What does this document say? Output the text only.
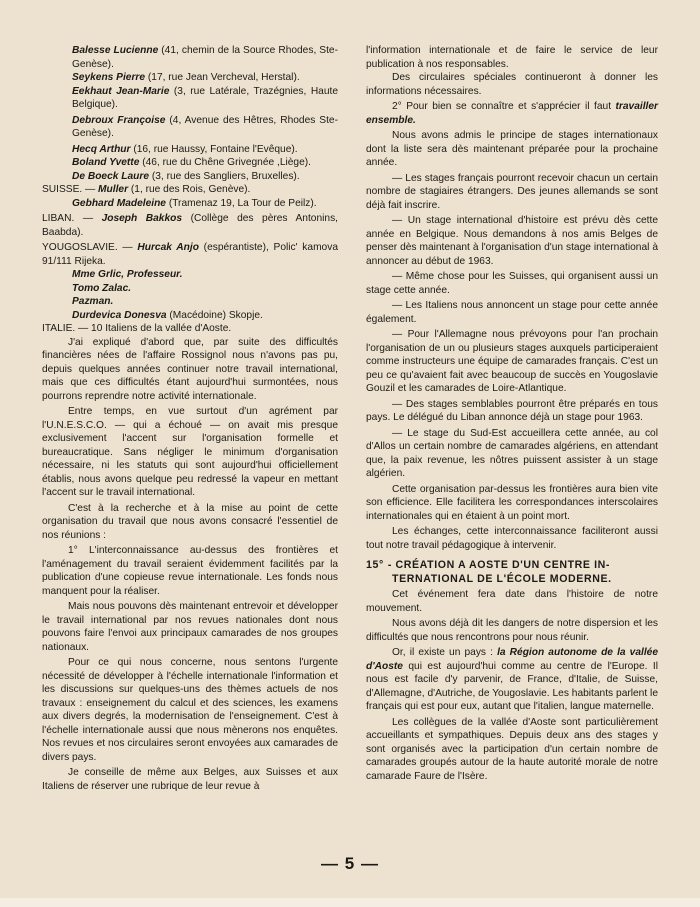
Balesse Lucienne (41, chemin de la Source Rhodes, Ste-Genèse).

Seykens Pierre (17, rue Jean Vercheval, Herstal).

Eekhaut Jean-Marie (3, rue Latérale, Trazégnies, Haute Belgique).

Debroux Françoise (4, Avenue des Hêtres, Rhodes Ste-Genèse).

Hecq Arthur (16, rue Haussy, Fontaine l'Evêque).

Boland Yvette (46, rue du Chêne Grivegnée ,Liège).

De Boeck Laure (3, rue des Sangliers, Bruxelles).

SUISSE. — Muller (1, rue des Rois, Genève).

Gebhard Madeleine (Tramenaz 19, La Tour de Peilz).

LIBAN. — Joseph Bakkos (Collège des pères Antonins, Baabda).

YOUGOSLAVIE. — Hurcak Anjo (espérantiste), Polic' kamova 91/111 Rijeka.

Mme Grlic, Professeur.

Tomo Zalac.

Pazman.

Durdevica Donesva (Macédoine) Skopje.

ITALIE. — 10 Italiens de la vallée d'Aoste.

J'ai expliqué d'abord que, par suite des difficultés financières nées de l'affaire Rossignol nous n'avons pas pu, depuis quelques années continuer notre travail international, mais que ces difficultés étant aujourd'hui surmontées, nous pourrons reprendre notre activité internationale.

Entre temps, en vue surtout d'un agrément par l'U.N.E.S.C.O. — qui a échoué — on avait mis presque exclusivement l'accent sur l'organisation formelle et bureaucratique. Sans négliger le minimum d'organisation nécessaire, ni les statuts qui sont aujourd'hui officiellement établis, nous avons quelque peu redressé la vapeur en mettant l'accent sur le travail international.

C'est à la recherche et à la mise au point de cette organisation du travail que nous avons consacré l'essentiel de nos réunions :

1° L'interconnaissance au-dessus des frontières et l'aménagement du travail seraient évidemment facilités par la publication d'une copieuse revue internationale. Les fonds nous manquent pour la réaliser.

Mais nous pouvons dès maintenant entrevoir et développer le travail international par nos revues nationales dont nous pouvons faire l'envoi aux principaux camarades de nos groupes nationaux.

Pour ce qui nous concerne, nous sentons l'urgente nécessité de développer à l'échelle internationale l'information et les discussions sur quelques-uns des thèmes actuels de nos travaux : enseignement du calcul et des sciences, les examens aux divers degrés, la modernisation de l'enseignement. C'est à l'échelle internationale aussi que nous mènerons nos enquêtes. Nos revues et nos circulaires seront envoyées aux camarades de divers pays.

Je conseille de même aux Belges, aux Suisses et aux Italiens de réserver une rubrique de leur revue à

l'information internationale et de faire le service de leur publication à nos responsables.

Des circulaires spéciales continueront à donner les informations nécessaires.

2° Pour bien se connaître et s'apprécier il faut travailler ensemble.

Nous avons admis le principe de stages internationaux dont la liste sera dès maintenant préparée pour la prochaine année.

— Les stages français pourront recevoir chacun un certain nombre de stagiaires étrangers. Des jeunes allemands se sont déjà fait inscrire.

— Un stage international d'histoire est prévu dès cette année en Belgique. Nous demandons à nos amis Belges de penser dès maintenant à l'organisation d'un stage international à annoncer au début de 1963.

— Même chose pour les Suisses, qui organisent aussi un stage cette année.

— Les Italiens nous annoncent un stage pour cette année également.

— Pour l'Allemagne nous prévoyons pour l'an prochain l'organisation de un ou plusieurs stages auxquels participeraient comme instructeurs une équipe de camarades français. C'est un peu ce qu'avaient fait avec beaucoup de succès en Yougoslavie Gouzil et les camarades de Loire-Atlantique.

— Des stages semblables pourront être préparés en tous pays. Le délégué du Liban annonce déjà un stage pour 1963.

— Le stage du Sud-Est accueillera cette année, au col d'Allos un certain nombre de camarades algériens, en attendant que, la paix revenue, les nôtres puissent assister à un stage algérien.

Cette organisation par-dessus les frontières aura bien vite son efficience. Elle facilitera les correspondances interscolaires internationales qui en étaient à un point mort.

Les échanges, cette interconnaissance faciliteront aussi tout notre travail pédagogique à intervenir.

15° - CRÉATION A AOSTE D'UN CENTRE IN-
TERNATIONAL DE L'ÉCOLE MODERNE.

Cet événement fera date dans l'histoire de notre mouvement.

Nous avons déjà dit les dangers de notre dispersion et les difficultés que nous rencontrons pour nous réunir.

Or, il existe un pays : la Région autonome de la vallée d'Aoste qui est aujourd'hui comme au centre de l'Europe. Il nous est facile d'y parvenir, de France, d'Italie, de Suisse, d'Allemagne, d'Autriche, de Yougoslavie. Les habitants parlent le français qui est pour eux, autant que l'italien, langue maternelle.

Les collègues de la vallée d'Aoste sont particulièrement accueillants et sympathiques. Depuis deux ans des stages y sont organisés avec la participation d'un certain nombre de camarades groupés autour de la haute autorité morale de notre camarade Faure de l'Isère.

— 5 —
